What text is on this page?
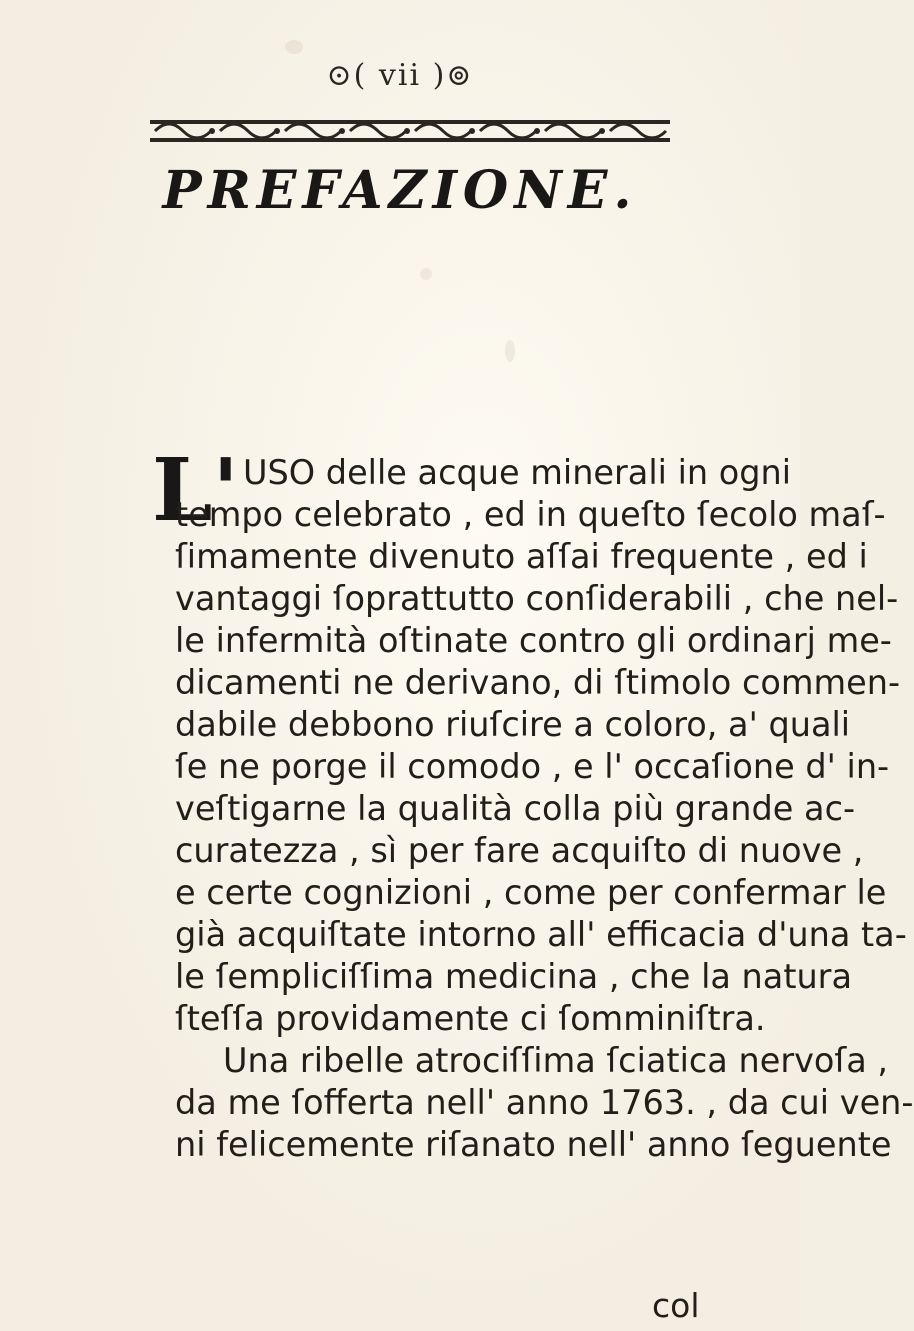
⊙( vii )⊚
PREFAZIONE.
L' USO delle acque minerali in ogni
tempo celebrato , ed in queſto ſecolo maſ-
ſimamente divenuto aſſai frequente , ed i
vantaggi ſoprattutto conſiderabili , che nel-
le infermità oſtinate contro gli ordinarj me-
dicamenti ne derivano, di ſtimolo commen-
dabile debbono riuſcire a coloro, a' quali
ſe ne porge il comodo , e l' occaſione d' in-
veſtigarne la qualità colla più grande ac-
curatezza , sì per fare acquiſto di nuove ,
e certe cognizioni , come per confermar le
già acquiſtate intorno all' efficacia d'una ta-
le ſempliciſſima medicina , che la natura
ſteſſa providamente ci ſomminiſtra.
Una ribelle atrociſſima ſciatica nervoſa ,
da me ſofferta nell' anno 1763. , da cui ven-
ni felicemente riſanato nell' anno ſeguente
col
